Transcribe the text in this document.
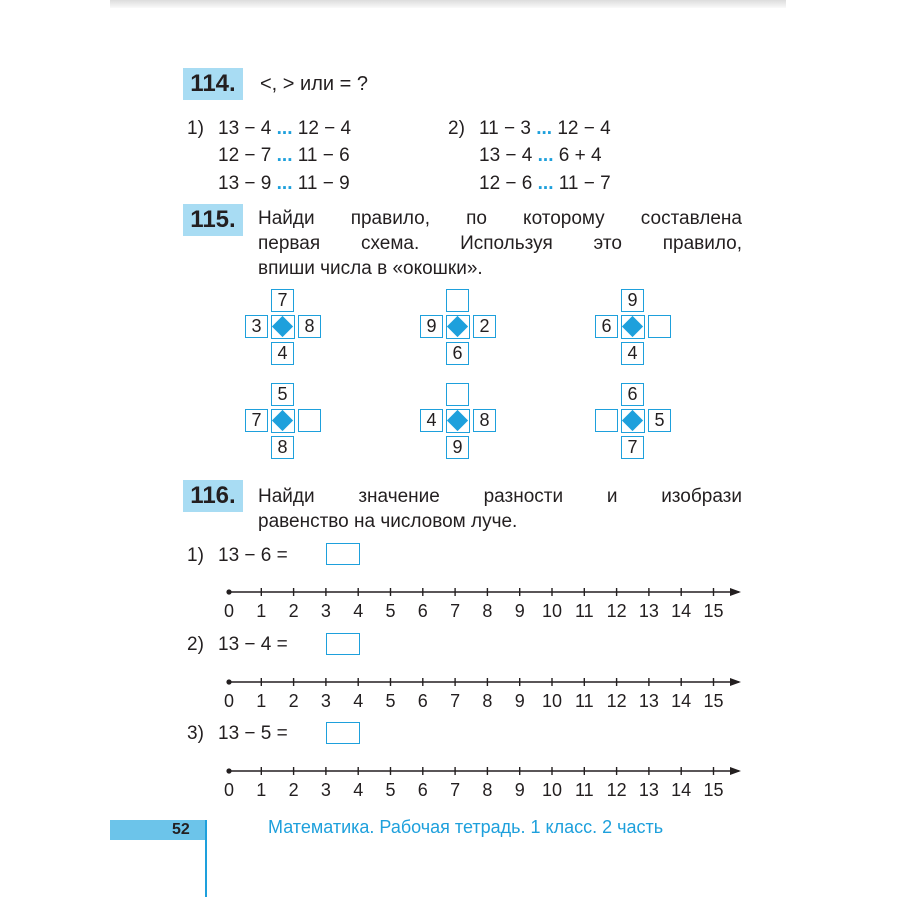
114.	<, > или = ?
1)	2)
13 − 4 ... 12 − 4
12 − 7 ... 11 − 6
13 − 9 ... 11 − 9
11 − 3 ... 12 − 4
13 − 4 ... 6 + 4
12 − 6 ... 11 − 7
115.	Найди правило, по которому составлена
первая схема. Используя это правило,
впиши числа в «окошки».
7
3	8
4
9	2
6
9
6
4
5
7
8
4	8
9
6
5
7
116.	Найди значение разности и изобрази
равенство на числовом луче.
1) 13 − 6 =
2) 13 − 4 =
3) 13 − 5 =
0 1 2 3 4 5 6 7 8 9 10 11 12 13 14 15
0 1 2 3 4 5 6 7 8 9 10 11 12 13 14 15
0 1 2 3 4 5 6 7 8 9 10 11 12 13 14 15
52	Математика. Рабочая тетрадь. 1 класс. 2 часть
